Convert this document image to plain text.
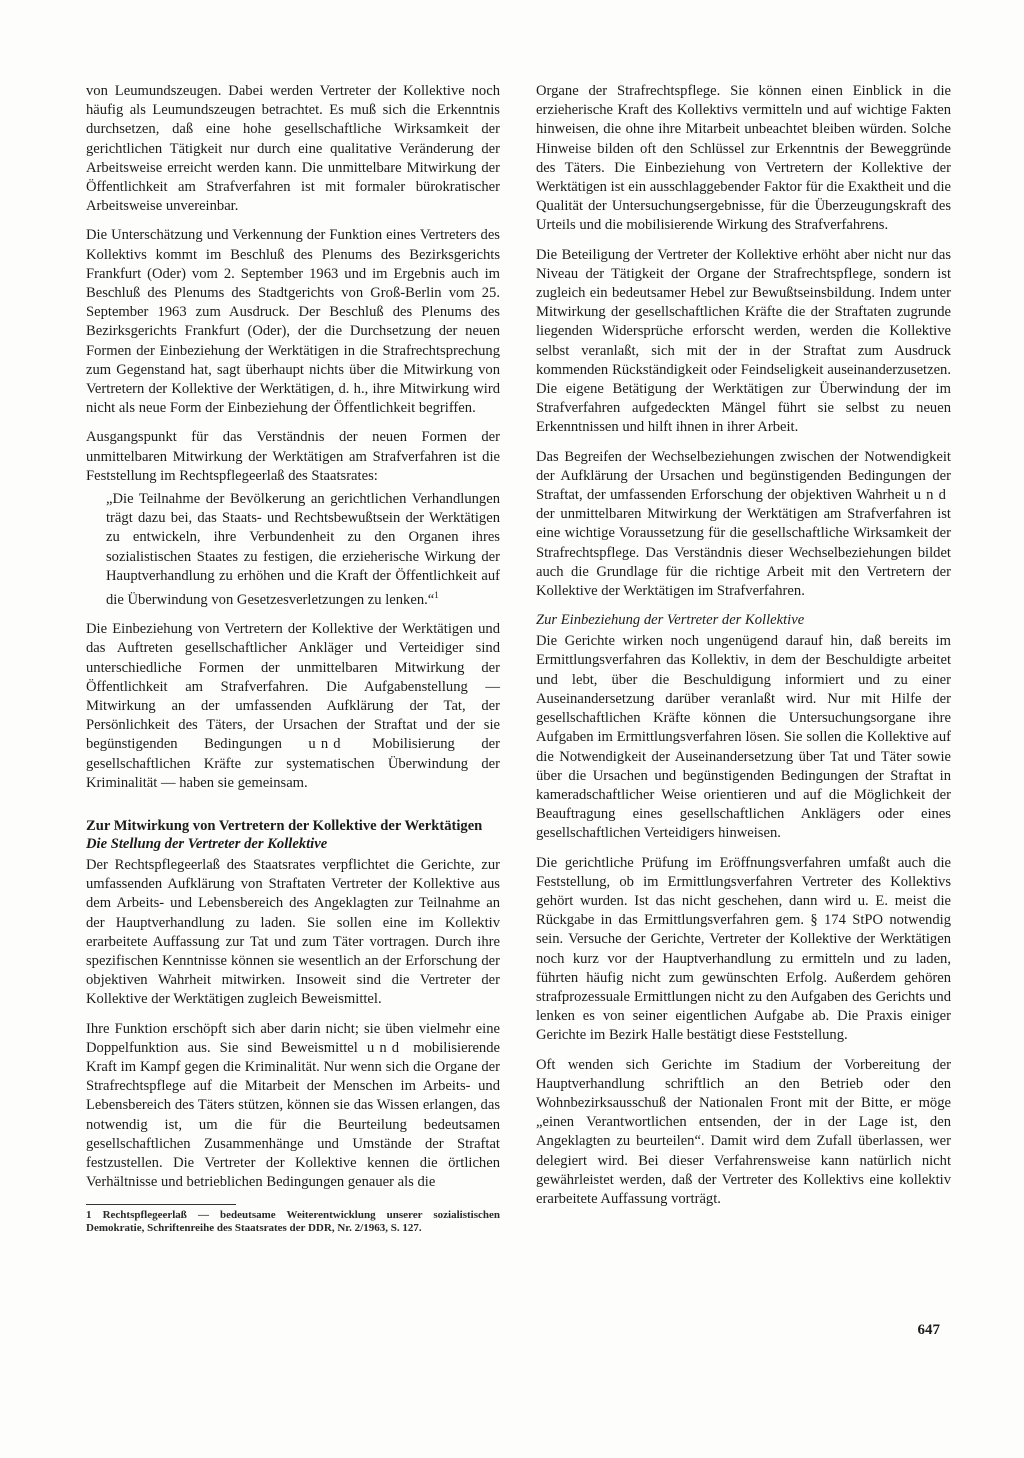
von Leumundszeugen. Dabei werden Vertreter der Kollektive noch häufig als Leumundszeugen betrachtet. Es muß sich die Erkenntnis durchsetzen, daß eine hohe gesellschaftliche Wirksamkeit der gerichtlichen Tätigkeit nur durch eine qualitative Veränderung der Arbeitsweise erreicht werden kann. Die unmittelbare Mitwirkung der Öffentlichkeit am Strafverfahren ist mit formaler bürokratischer Arbeitsweise unvereinbar.

Die Unterschätzung und Verkennung der Funktion eines Vertreters des Kollektivs kommt im Beschluß des Plenums des Bezirksgerichts Frankfurt (Oder) vom 2. September 1963 und im Ergebnis auch im Beschluß des Plenums des Stadtgerichts von Groß-Berlin vom 25. September 1963 zum Ausdruck. Der Beschluß des Plenums des Bezirksgerichts Frankfurt (Oder), der die Durchsetzung der neuen Formen der Einbeziehung der Werktätigen in die Strafrechtsprechung zum Gegenstand hat, sagt überhaupt nichts über die Mitwirkung von Vertretern der Kollektive der Werktätigen, d. h., ihre Mitwirkung wird nicht als neue Form der Einbeziehung der Öffentlichkeit begriffen.

Ausgangspunkt für das Verständnis der neuen Formen der unmittelbaren Mitwirkung der Werktätigen am Strafverfahren ist die Feststellung im Rechtspflegeerlaß des Staatsrates:

„Die Teilnahme der Bevölkerung an gerichtlichen Verhandlungen trägt dazu bei, das Staats- und Rechtsbewußtsein der Werktätigen zu entwickeln, ihre Verbundenheit zu den Organen ihres sozialistischen Staates zu festigen, die erzieherische Wirkung der Hauptverhandlung zu erhöhen und die Kraft der Öffentlichkeit auf die Überwindung von Gesetzesverletzungen zu lenken.“$^1$

Die Einbeziehung von Vertretern der Kollektive der Werktätigen und das Auftreten gesellschaftlicher Ankläger und Verteidiger sind unterschiedliche Formen der unmittelbaren Mitwirkung der Öffentlichkeit am Strafverfahren. Die Aufgabenstellung — Mitwirkung an der umfassenden Aufklärung der Tat, der Persönlichkeit des Täters, der Ursachen der Straftat und der sie begünstigenden Bedingungen und Mobilisierung der gesellschaftlichen Kräfte zur systematischen Überwindung der Kriminalität — haben sie gemeinsam.

Zur Mitwirkung von Vertretern der Kollektive der Werktätigen
Die Stellung der Vertreter der Kollektive

Der Rechtspflegeerlaß des Staatsrates verpflichtet die Gerichte, zur umfassenden Aufklärung von Straftaten Vertreter der Kollektive aus dem Arbeits- und Lebensbereich des Angeklagten zur Teilnahme an der Hauptverhandlung zu laden. Sie sollen eine im Kollektiv erarbeitete Auffassung zur Tat und zum Täter vortragen. Durch ihre spezifischen Kenntnisse können sie wesentlich an der Erforschung der objektiven Wahrheit mitwirken. Insoweit sind die Vertreter der Kollektive der Werktätigen zugleich Beweismittel.

Ihre Funktion erschöpft sich aber darin nicht; sie üben vielmehr eine Doppelfunktion aus. Sie sind Beweismittel und mobilisierende Kraft im Kampf gegen die Kriminalität. Nur wenn sich die Organe der Strafrechtspflege auf die Mitarbeit der Menschen im Arbeits- und Lebensbereich des Täters stützen, können sie das Wissen erlangen, das notwendig ist, um die für die Beurteilung bedeutsamen gesellschaftlichen Zusammenhänge und Umstände der Straftat festzustellen. Die Vertreter der Kollektive kennen die örtlichen Verhältnisse und betrieblichen Bedingungen genauer als die

1 Rechtspflegeerlaß — bedeutsame Weiterentwicklung unserer sozialistischen Demokratie, Schriftenreihe des Staatsrates der DDR, Nr. 2/1963, S. 127.

Organe der Strafrechtspflege. Sie können einen Einblick in die erzieherische Kraft des Kollektivs vermitteln und auf wichtige Fakten hinweisen, die ohne ihre Mitarbeit unbeachtet bleiben würden. Solche Hinweise bilden oft den Schlüssel zur Erkenntnis der Beweggründe des Täters. Die Einbeziehung von Vertretern der Kollektive der Werktätigen ist ein ausschlaggebender Faktor für die Exaktheit und die Qualität der Untersuchungsergebnisse, für die Überzeugungskraft des Urteils und die mobilisierende Wirkung des Strafverfahrens.

Die Beteiligung der Vertreter der Kollektive erhöht aber nicht nur das Niveau der Tätigkeit der Organe der Strafrechtspflege, sondern ist zugleich ein bedeutsamer Hebel zur Bewußtseinsbildung. Indem unter Mitwirkung der gesellschaftlichen Kräfte die der Straftaten zugrunde liegenden Widersprüche erforscht werden, werden die Kollektive selbst veranlaßt, sich mit der in der Straftat zum Ausdruck kommenden Rückständigkeit oder Feindseligkeit auseinanderzusetzen. Die eigene Betätigung der Werktätigen zur Überwindung der im Strafverfahren aufgedeckten Mängel führt sie selbst zu neuen Erkenntnissen und hilft ihnen in ihrer Arbeit.

Das Begreifen der Wechselbeziehungen zwischen der Notwendigkeit der Aufklärung der Ursachen und begünstigenden Bedingungen der Straftat, der umfassenden Erforschung der objektiven Wahrheit und der unmittelbaren Mitwirkung der Werktätigen am Strafverfahren ist eine wichtige Voraussetzung für die gesellschaftliche Wirksamkeit der Strafrechtspflege. Das Verständnis dieser Wechselbeziehungen bildet auch die Grundlage für die richtige Arbeit mit den Vertretern der Kollektive der Werktätigen im Strafverfahren.

Zur Einbeziehung der Vertreter der Kollektive

Die Gerichte wirken noch ungenügend darauf hin, daß bereits im Ermittlungsverfahren das Kollektiv, in dem der Beschuldigte arbeitet und lebt, über die Beschuldigung informiert und zu einer Auseinandersetzung darüber veranlaßt wird. Nur mit Hilfe der gesellschaftlichen Kräfte können die Untersuchungsorgane ihre Aufgaben im Ermittlungsverfahren lösen. Sie sollen die Kollektive auf die Notwendigkeit der Auseinandersetzung über Tat und Täter sowie über die Ursachen und begünstigenden Bedingungen der Straftat in kameradschaftlicher Weise orientieren und auf die Möglichkeit der Beauftragung eines gesellschaftlichen Anklägers oder eines gesellschaftlichen Verteidigers hinweisen.

Die gerichtliche Prüfung im Eröffnungsverfahren umfaßt auch die Feststellung, ob im Ermittlungsverfahren Vertreter des Kollektivs gehört wurden. Ist das nicht geschehen, dann wird u. E. meist die Rückgabe in das Ermittlungsverfahren gem. § 174 StPO notwendig sein. Versuche der Gerichte, Vertreter der Kollektive der Werktätigen noch kurz vor der Hauptverhandlung zu ermitteln und zu laden, führten häufig nicht zum gewünschten Erfolg. Außerdem gehören strafprozessuale Ermittlungen nicht zu den Aufgaben des Gerichts und lenken es von seiner eigentlichen Aufgabe ab. Die Praxis einiger Gerichte im Bezirk Halle bestätigt diese Feststellung.

Oft wenden sich Gerichte im Stadium der Vorbereitung der Hauptverhandlung schriftlich an den Betrieb oder den Wohnbezirksausschuß der Nationalen Front mit der Bitte, er möge „einen Verantwortlichen entsenden, der in der Lage ist, den Angeklagten zu beurteilen“. Damit wird dem Zufall überlassen, wer delegiert wird. Bei dieser Verfahrensweise kann natürlich nicht gewährleistet werden, daß der Vertreter des Kollektivs eine kollektiv erarbeitete Auffassung vorträgt.

647
